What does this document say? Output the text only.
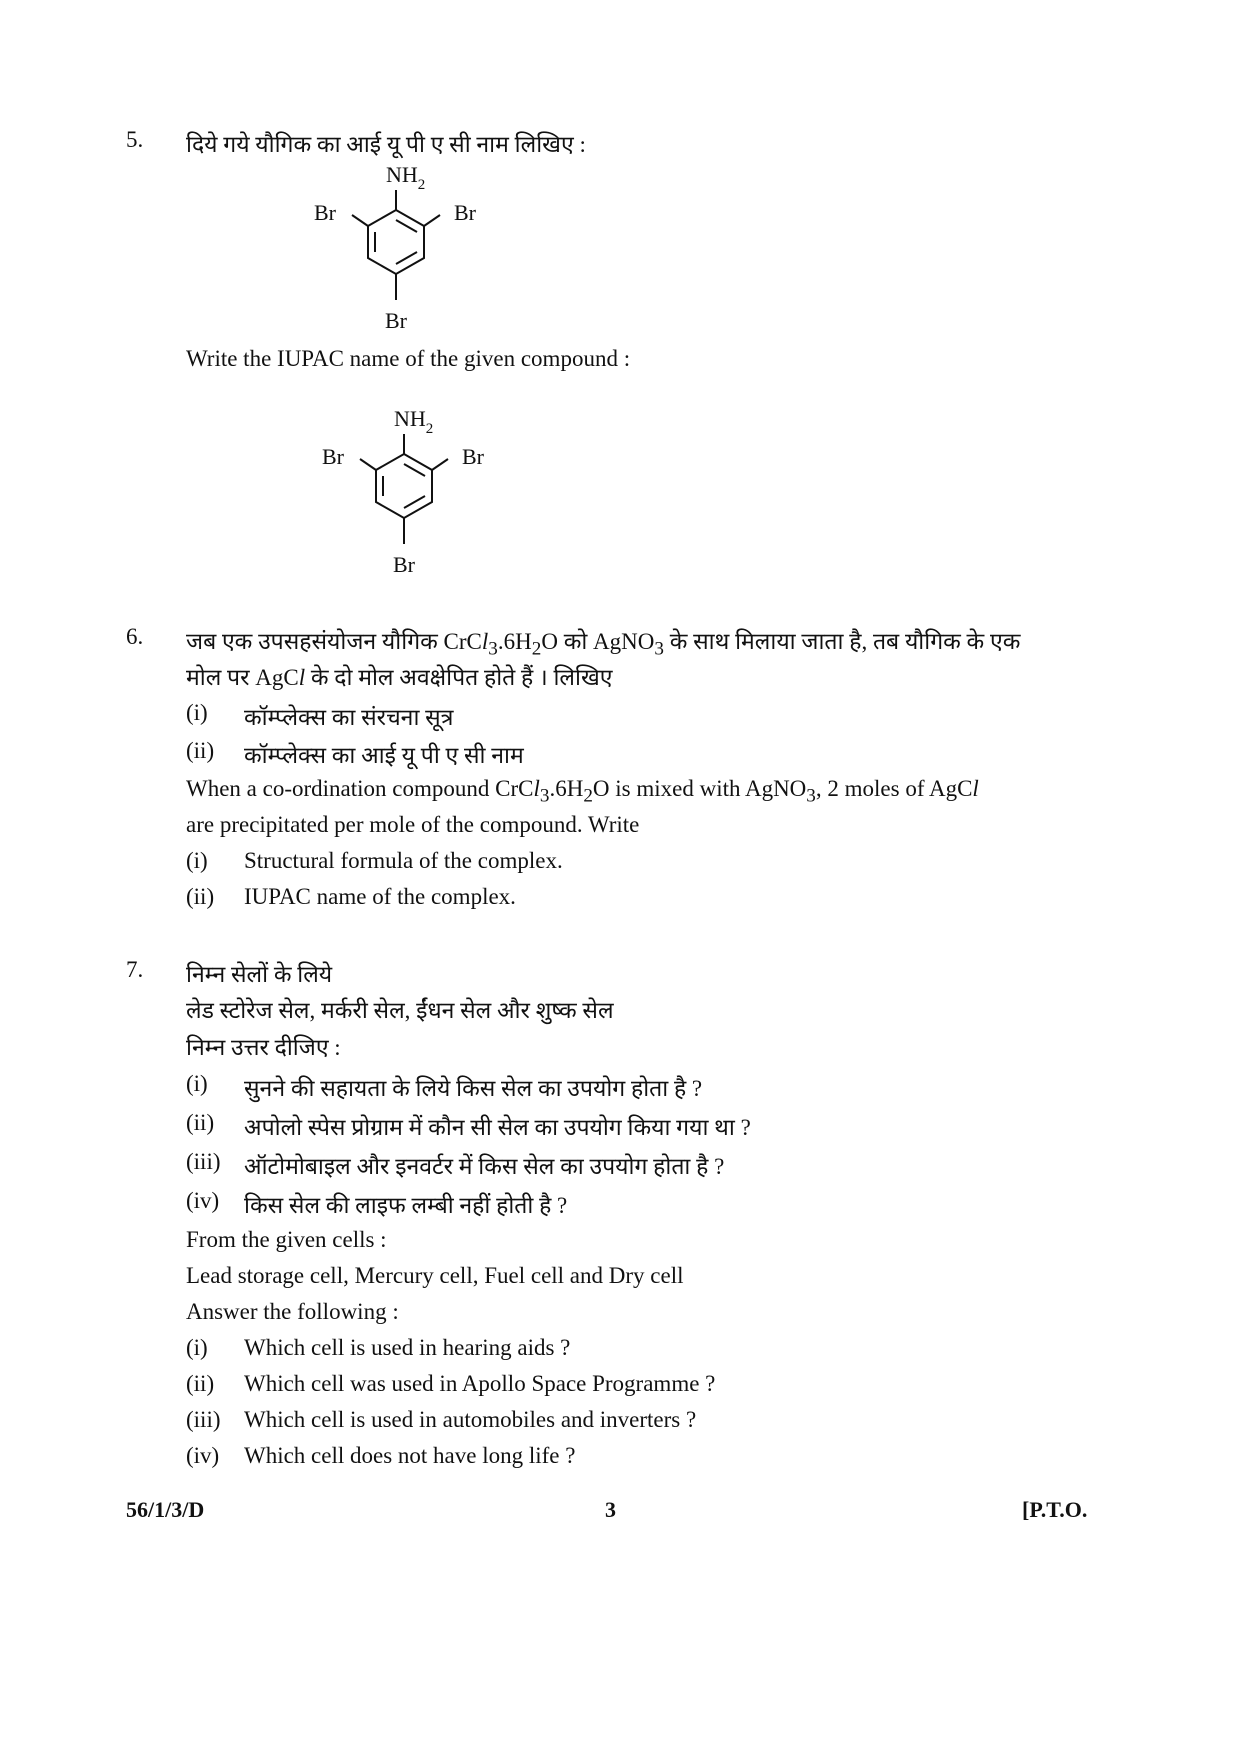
5. दिये गये यौगिक का आई यू पी ए सी नाम लिखिए :
$NH_2$
Br	Br
Br
Write the IUPAC name of the given compound :
$NH_2$
Br	Br
Br
6. जब एक उपसहसंयोजन यौगिक $CrCl_3.6H_2O$ को AgNO$_3$ के साथ मिलाया जाता है, तब यौगिक के एक
मोल पर AgCl के दो मोल अवक्षेपित होते हैं । लिखिए
(i) कॉम्प्लेक्स का संरचना सूत्र
(ii) कॉम्प्लेक्स का आई यू पी ए सी नाम
When a co-ordination compound $CrCl_3.6H_2O$ is mixed with AgNO$_3$, 2 moles of AgCl
are precipitated per mole of the compound. Write
(i) Structural formula of the complex.
(ii) IUPAC name of the complex.
7. निम्न सेलों के लिये
लेड स्टोरेज सेल, मर्करी सेल, ईंधन सेल और शुष्क सेल
निम्न उत्तर दीजिए :
(i) सुनने की सहायता के लिये किस सेल का उपयोग होता है ?
(ii) अपोलो स्पेस प्रोग्राम में कौन सी सेल का उपयोग किया गया था ?
(iii) ऑटोमोबाइल और इनवर्टर में किस सेल का उपयोग होता है ?
(iv) किस सेल की लाइफ लम्बी नहीं होती है ?
From the given cells :
Lead storage cell, Mercury cell, Fuel cell and Dry cell
Answer the following :
(i) Which cell is used in hearing aids ?
(ii) Which cell was used in Apollo Space Programme ?
(iii) Which cell is used in automobiles and inverters ?
(iv) Which cell does not have long life ?
56/1/3/D	3	[P.T.O.
